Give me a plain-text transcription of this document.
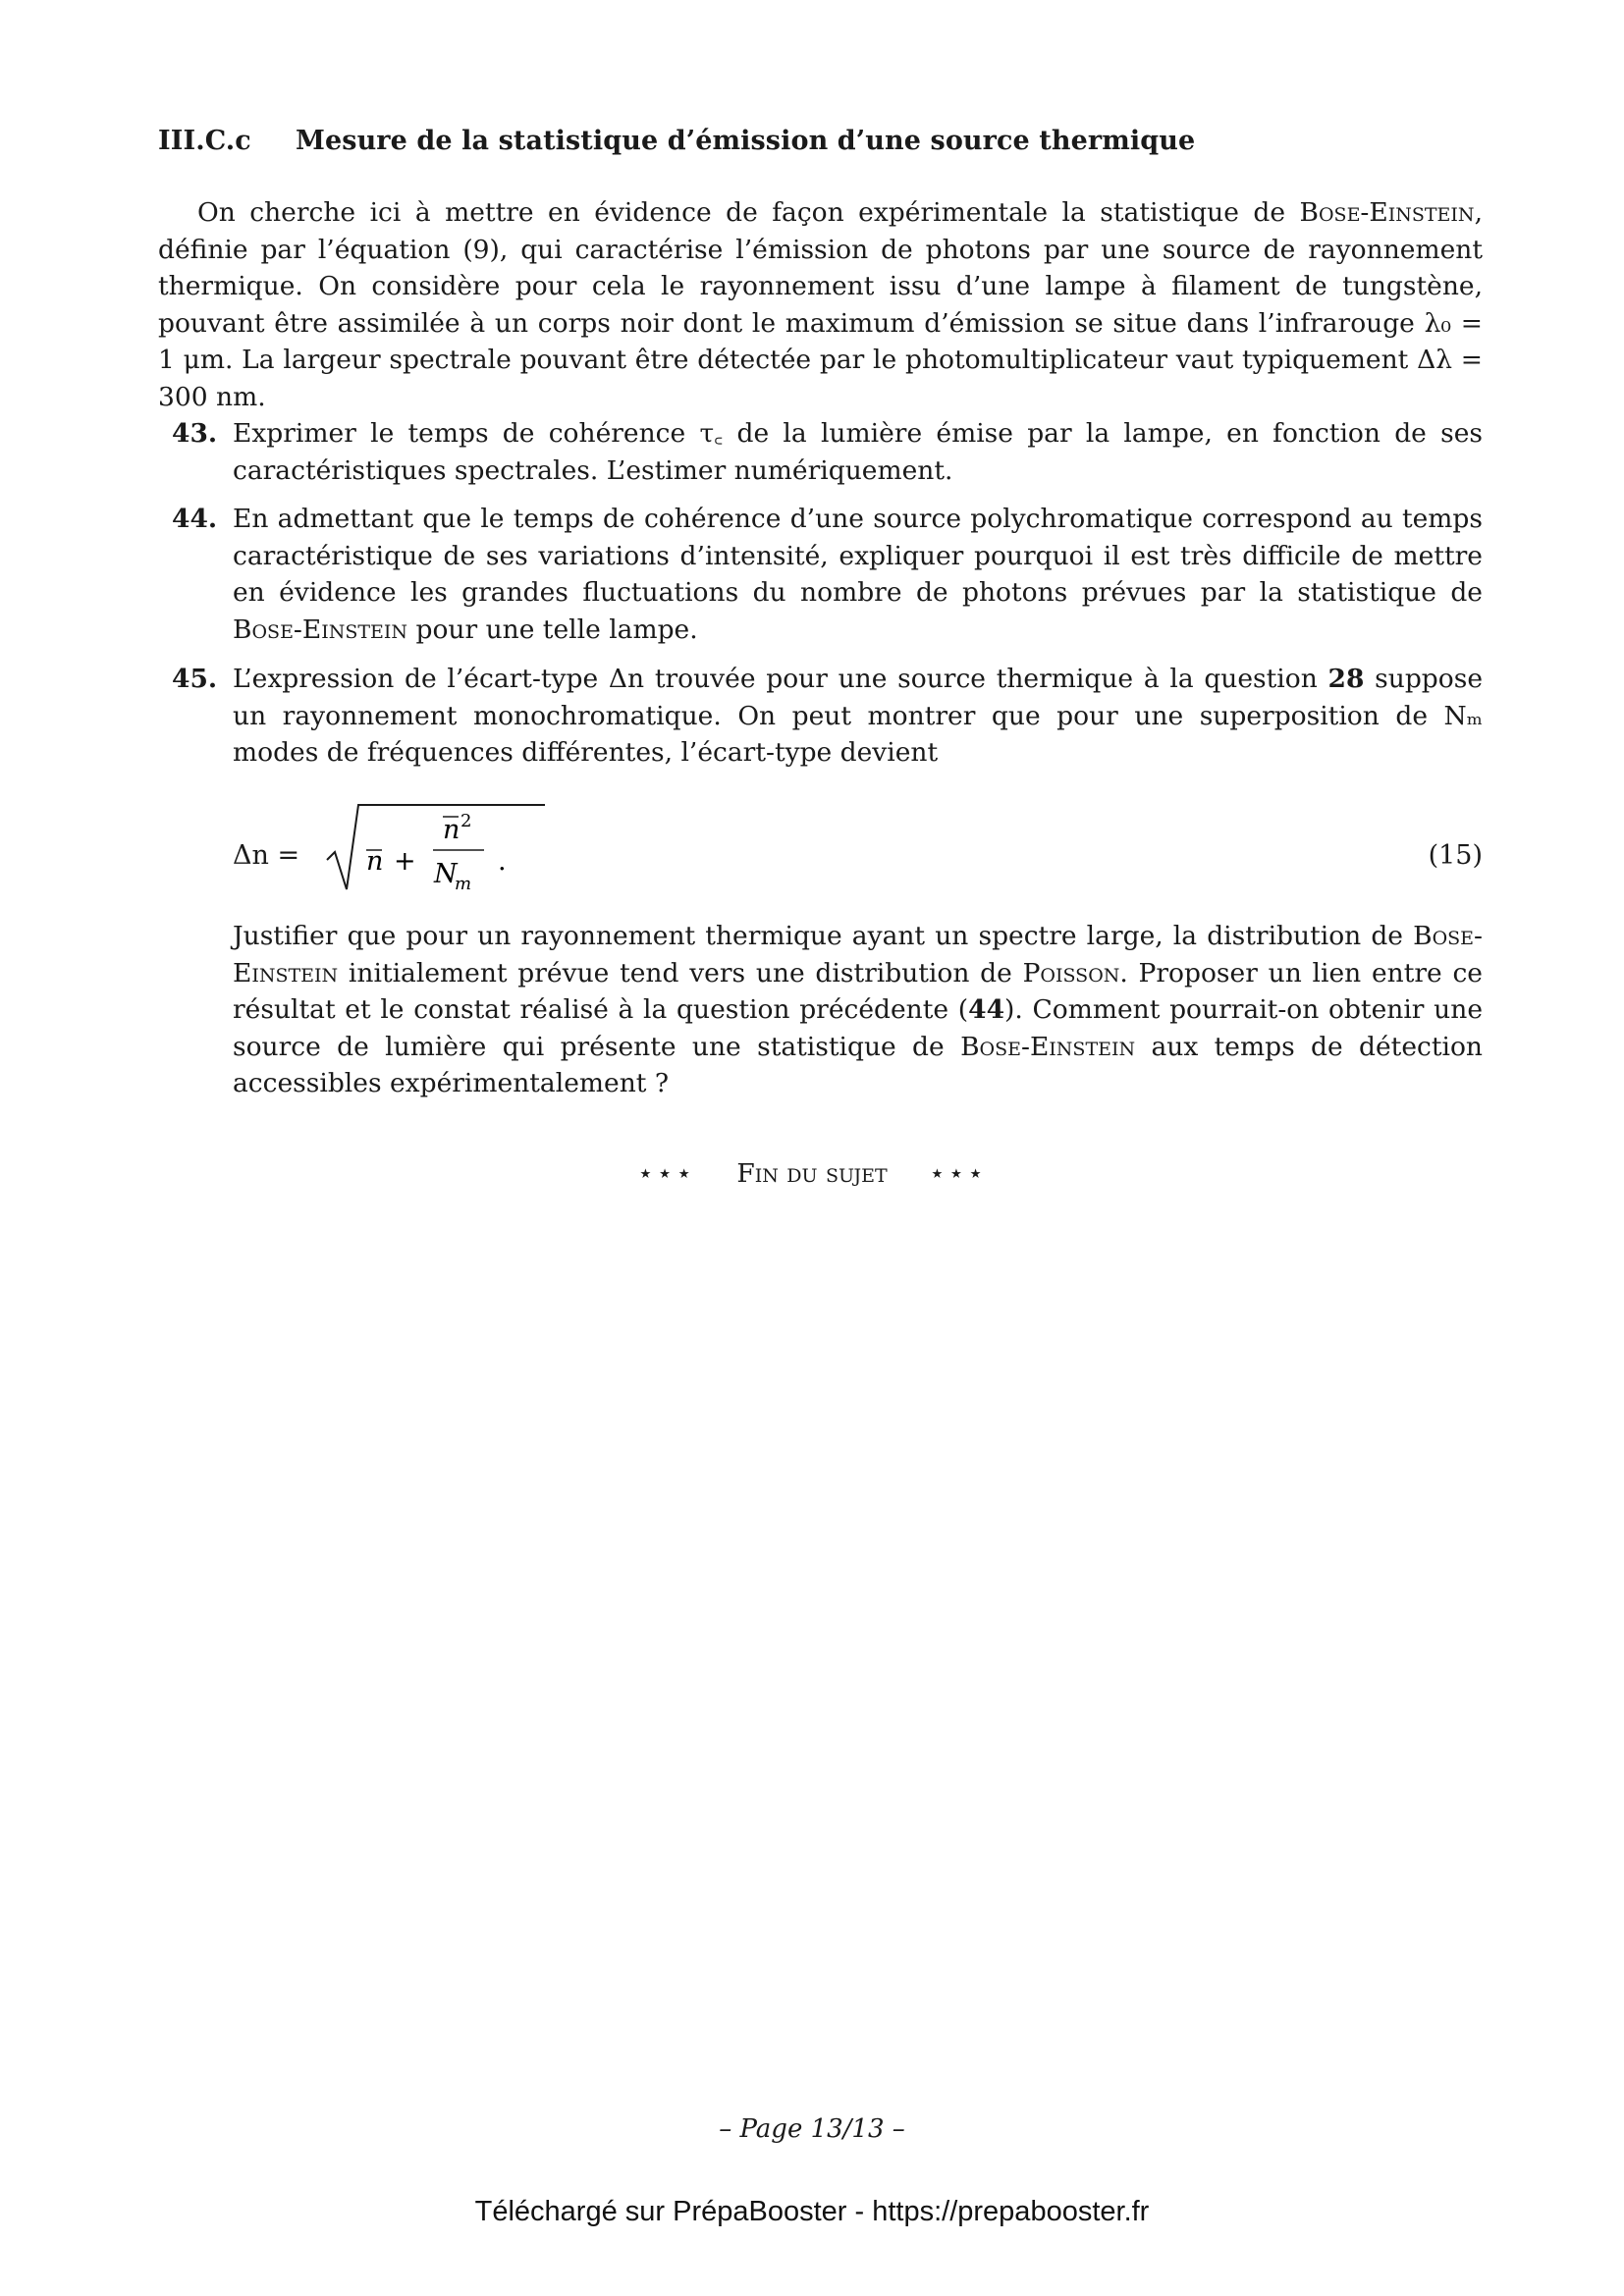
III.C.c Mesure de la statistique d’émission d’une source thermique

On cherche ici à mettre en évidence de façon expérimentale la statistique de Bose-Einstein, définie par l’équation (9), qui caractérise l’émission de photons par une source de rayonnement thermique. On considère pour cela le rayonnement issu d’une lampe à filament de tungstène, pouvant être assimilée à un corps noir dont le maximum d’émission se situe dans l’infrarouge λ₀ = 1 μm. La largeur spectrale pouvant être détectée par le photomultiplicateur vaut typiquement Δλ = 300 nm.

43. Exprimer le temps de cohérence τ꜀ de la lumière émise par la lampe, en fonction de ses caractéristiques spectrales. L’estimer numériquement.
44. En admettant que le temps de cohérence d’une source polychromatique correspond au temps caractéristique de ses variations d’intensité, expliquer pourquoi il est très difficile de mettre en évidence les grandes fluctuations du nombre de photons prévues par la statistique de Bose-Einstein pour une telle lampe.
45. L’expression de l’écart-type Δn trouvée pour une source thermique à la question 28 suppose un rayonnement monochromatique. On peut montrer que pour une superposition de Nₘ modes de fréquences différentes, l’écart-type devient
Δn =	n +
n 2
N
m
.	(15)
Justifier que pour un rayonnement thermique ayant un spectre large, la distribution de Bose-Einstein initialement prévue tend vers une distribution de Poisson. Proposer un lien entre ce résultat et le constat réalisé à la question précédente (44). Comment pourrait-on obtenir une source de lumière qui présente une statistique de Bose-Einstein aux temps de détection accessibles expérimentalement ?
⋆⋆⋆ Fin du sujet ⋆⋆⋆
– Page 13/13 –
Téléchargé sur PrépaBooster - https://prepabooster.fr
